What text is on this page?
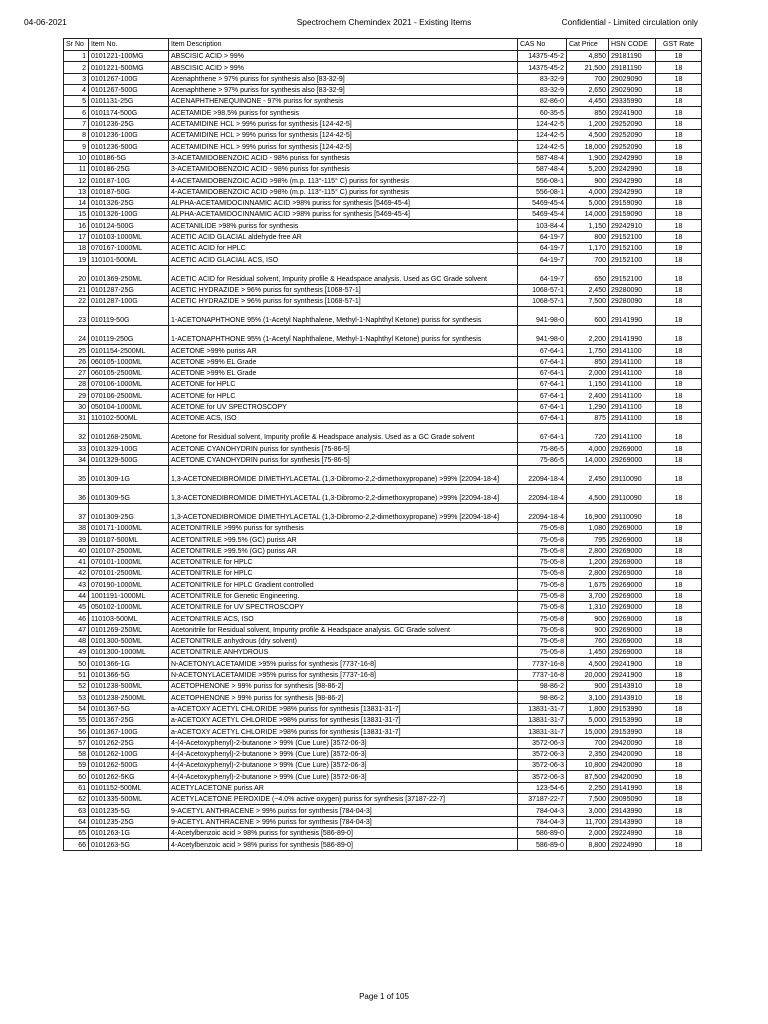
04-06-2021	Spectrochem Chemindex 2021 - Existing Items	Confidential - Limited circulation only
Sr No	Item No.	Item Description	CAS No	Cat Price	HSN CODE	GST Rate
1	0101221-100MG	ABSCISIC ACID > 99%	14375-45-2	4,850	29181190	18
2	0101221-500MG	ABSCISIC ACID > 99%	14375-45-2	21,500	29181190	18
3	0101267-100G	Acenaphthene > 97% puriss for synthesis also [83-32-9]	83-32-9	700	29029090	18
4	0101267-500G	Acenaphthene > 97% puriss for synthesis also [83-32-9]	83-32-9	2,650	29029090	18
5	0101131-25G	ACENAPHTHENEQUINONE - 97% puriss for synthesis	82-86-0	4,450	29335990	18
6	0101174-500G	ACETAMIDE >98.5% puriss for synthesis	60-35-5	850	29241900	18
7	0101236-25G	ACETAMIDINE HCL > 99% puriss for synthesis [124-42-5]	124-42-5	1,200	29252090	18
8	0101236-100G	ACETAMIDINE HCL > 99% puriss for synthesis [124-42-5]	124-42-5	4,500	29252090	18
9	0101236-500G	ACETAMIDINE HCL > 99% puriss for synthesis [124-42-5]	124-42-5	18,000	29252090	18
10	010186-5G	3-ACETAMIDOBENZOIC ACID - 98% puriss for synthesis	587-48-4	1,900	29242990	18
11	010186-25G	3-ACETAMIDOBENZOIC ACID - 98% puriss for synthesis	587-48-4	5,200	29242990	18
12	010187-10G	4-ACETAMIDOBENZOIC ACID >98% (m.p. 113°-115° C) puriss for synthesis	556-08-1	900	29242990	18
13	010187-50G	4-ACETAMIDOBENZOIC ACID >98% (m.p. 113°-115° C) puriss for synthesis	556-08-1	4,000	29242990	18
14	0101326-25G	ALPHA-ACETAMIDOCINNAMIC ACID >98% puriss for synthesis [5469-45-4]	5469-45-4	5,000	29159090	18
15	0101326-100G	ALPHA-ACETAMIDOCINNAMIC ACID >98% puriss for synthesis [5469-45-4]	5469-45-4	14,000	29159090	18
16	010124-500G	ACETANILIDE >98% puriss for synthesis	103-84-4	1,150	29242910	18
17	010103-1000ML	ACETIC ACID GLACIAL aldehyde free AR	64-19-7	800	29152100	18
18	070167-1000ML	ACETIC ACID for HPLC	64-19-7	1,170	29152100	18
19	110101-500ML	ACETIC ACID GLACIAL ACS, ISO	64-19-7	700	29152100	18
20	0101369-250ML	ACETIC ACID for Residual solvent, Impurity profile & Headspace analysis. Used as GC Grade solvent	64-19-7	650	29152100	18
21	0101287-25G	ACETIC HYDRAZIDE > 96% puriss for synthesis [1068-57-1]	1068-57-1	2,450	29280090	18
22	0101287-100G	ACETIC HYDRAZIDE > 96% puriss for synthesis [1068-57-1]	1068-57-1	7,500	29280090	18
23	010119-50G	1-ACETONAPHTHONE 95% (1-Acetyl Naphthalene, Methyl-1-Naphthyl Ketone) puriss for synthesis	941-98-0	600	29141990	18
24	010119-250G	1-ACETONAPHTHONE 95% (1-Acetyl Naphthalene, Methyl-1-Naphthyl Ketone) puriss for synthesis	941-98-0	2,200	29141990	18
25	0101154-2500ML	ACETONE >99% puriss AR	67-64-1	1,750	29141100	18
26	060105-1000ML	ACETONE >99% EL Grade	67-64-1	850	29141100	18
27	060105-2500ML	ACETONE >99% EL Grade	67-64-1	2,000	29141100	18
28	070106-1000ML	ACETONE for HPLC	67-64-1	1,150	29141100	18
29	070106-2500ML	ACETONE for HPLC	67-64-1	2,400	29141100	18
30	050104-1000ML	ACETONE for UV SPECTROSCOPY	67-64-1	1,290	29141100	18
31	110102-500ML	ACETONE ACS, ISO	67-64-1	875	29141100	18
32	0101268-250ML	Acetone for Residual solvent, Impurity profile & Headspace analysis. Used as a GC Grade solvent	67-64-1	720	29141100	18
33	0101329-100G	ACETONE CYANOHYDRIN puriss for synthesis [75-86-5]	75-86-5	4,000	29269000	18
34	0101329-500G	ACETONE CYANOHYDRIN puriss for synthesis [75-86-5]	75-86-5	14,000	29269000	18
35	0101309-1G	1,3-ACETONEDIBROMIDE DIMETHYLACETAL (1,3-Dibromo-2,2-dimethoxypropane) >99% [22094-18-4]	22094-18-4	2,450	29110090	18
36	0101309-5G	1,3-ACETONEDIBROMIDE DIMETHYLACETAL (1,3-Dibromo-2,2-dimethoxypropane) >99% [22094-18-4]	22094-18-4	4,500	29110090	18
37	0101309-25G	1,3-ACETONEDIBROMIDE DIMETHYLACETAL (1,3-Dibromo-2,2-dimethoxypropane) >99% [22094-18-4]	22094-18-4	16,900	29110090	18
38	010171-1000ML	ACETONITRILE >99% puriss for synthesis	75-05-8	1,080	29269000	18
39	010107-500ML	ACETONITRILE >99.5% (GC) puriss AR	75-05-8	795	29269000	18
40	010107-2500ML	ACETONITRILE >99.5% (GC) puriss AR	75-05-8	2,800	29269000	18
41	070101-1000ML	ACETONITRILE for HPLC	75-05-8	1,200	29269000	18
42	070101-2500ML	ACETONITRILE for HPLC	75-05-8	2,800	29269000	18
43	070190-1000ML	ACETONITRILE for HPLC Gradient controlled	75-05-8	1,675	29269000	18
44	1001191-1000ML	ACETONITRILE for Genetic Engineering.	75-05-8	3,700	29269000	18
45	050102-1000ML	ACETONITRILE for UV SPECTROSCOPY	75-05-8	1,310	29269000	18
46	110103-500ML	ACETONITRILE ACS, ISO	75-05-8	900	29269000	18
47	0101269-250ML	Acetonitrile for Residual solvent, Impurity profile & Headspace analysis. GC Grade solvent	75-05-8	900	29269000	18
48	0101300-500ML	ACETONITRILE anhydrous (dry solvent)	75-05-8	760	29269000	18
49	0101300-1000ML	ACETONITRILE ANHYDROUS	75-05-8	1,450	29269000	18
50	0101366-1G	N-ACETONYLACETAMIDE >95% puriss for synthesis [7737-16-8]	7737-16-8	4,500	29241900	18
51	0101366-5G	N-ACETONYLACETAMIDE >95% puriss for synthesis [7737-16-8]	7737-16-8	20,000	29241900	18
52	0101238-500ML	ACETOPHENONE > 99% puriss for synthesis [98-86-2]	98-86-2	900	29143910	18
53	0101238-2500ML	ACETOPHENONE > 99% puriss for synthesis [98-86-2]	98-86-2	3,100	29143910	18
54	0101367-5G	a-ACETOXY ACETYL CHLORIDE >98% puriss for synthesis [13831-31-7]	13831-31-7	1,800	29153990	18
55	0101367-25G	a-ACETOXY ACETYL CHLORIDE >98% puriss for synthesis [13831-31-7]	13831-31-7	5,000	29153990	18
56	0101367-100G	a-ACETOXY ACETYL CHLORIDE >98% puriss for synthesis [13831-31-7]	13831-31-7	15,000	29153990	18
57	0101262-25G	4-(4-Acetoxyphenyl)-2-butanone > 99% (Cue Lure) [3572-06-3]	3572-06-3	700	29420090	18
58	0101262-100G	4-(4-Acetoxyphenyl)-2-butanone > 99% (Cue Lure) [3572-06-3]	3572-06-3	2,350	29420090	18
59	0101262-500G	4-(4-Acetoxyphenyl)-2-butanone > 99% (Cue Lure) [3572-06-3]	3572-06-3	10,800	29420090	18
60	0101262-5KG	4-(4-Acetoxyphenyl)-2-butanone > 99% (Cue Lure) [3572-06-3]	3572-06-3	87,500	29420090	18
61	0101152-500ML	ACETYLACETONE puriss AR	123-54-6	2,250	29141990	18
62	0101335-500ML	ACETYLACETONE PEROXIDE (~4.0% active oxygen) puriss for synthesis [37187-22-7]	37187-22-7	7,500	29095090	18
63	0101235-5G	9-ACETYL ANTHRACENE > 99% puriss for synthesis [784-04-3]	784-04-3	3,000	29143990	18
64	0101235-25G	9-ACETYL ANTHRACENE > 99% puriss for synthesis [784-04-3]	784-04-3	11,700	29143990	18
65	0101263-1G	4-Acetylbenzoic acid > 98% puriss for synthesis [586-89-0]	586-89-0	2,000	29224990	18
66	0101263-5G	4-Acetylbenzoic acid > 98% puriss for synthesis [586-89-0]	586-89-0	8,800	29224990	18
Page 1 of 105
